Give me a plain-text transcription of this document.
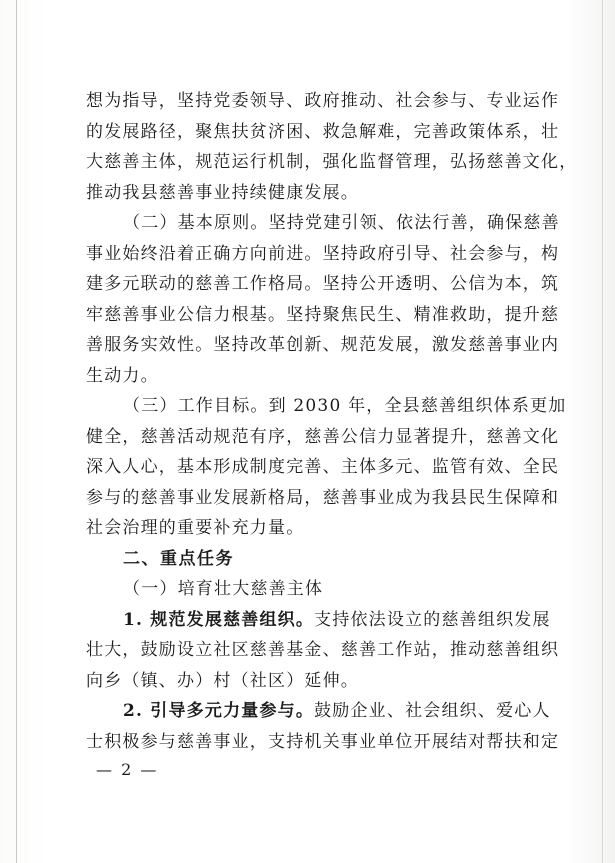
想为指导，坚持党委领导、政府推动、社会参与、专业运作
的发展路径，聚焦扶贫济困、救急解难，完善政策体系，壮
大慈善主体，规范运行机制，强化监督管理，弘扬慈善文化，
推动我县慈善事业持续健康发展。
（二）基本原则。坚持党建引领、依法行善，确保慈善
事业始终沿着正确方向前进。坚持政府引导、社会参与，构
建多元联动的慈善工作格局。坚持公开透明、公信为本，筑
牢慈善事业公信力根基。坚持聚焦民生、精准救助，提升慈
善服务实效性。坚持改革创新、规范发展，激发慈善事业内
生动力。
（三）工作目标。到 2030 年，全县慈善组织体系更加
健全，慈善活动规范有序，慈善公信力显著提升，慈善文化
深入人心，基本形成制度完善、主体多元、监管有效、全民
参与的慈善事业发展新格局，慈善事业成为我县民生保障和
社会治理的重要补充力量。
二、重点任务
（一）培育壮大慈善主体
1. 规范发展慈善组织。支持依法设立的慈善组织发展
壮大，鼓励设立社区慈善基金、慈善工作站，推动慈善组织
向乡（镇、办）村（社区）延伸。
2. 引导多元力量参与。鼓励企业、社会组织、爱心人
士积极参与慈善事业，支持机关事业单位开展结对帮扶和定
— 2 —
